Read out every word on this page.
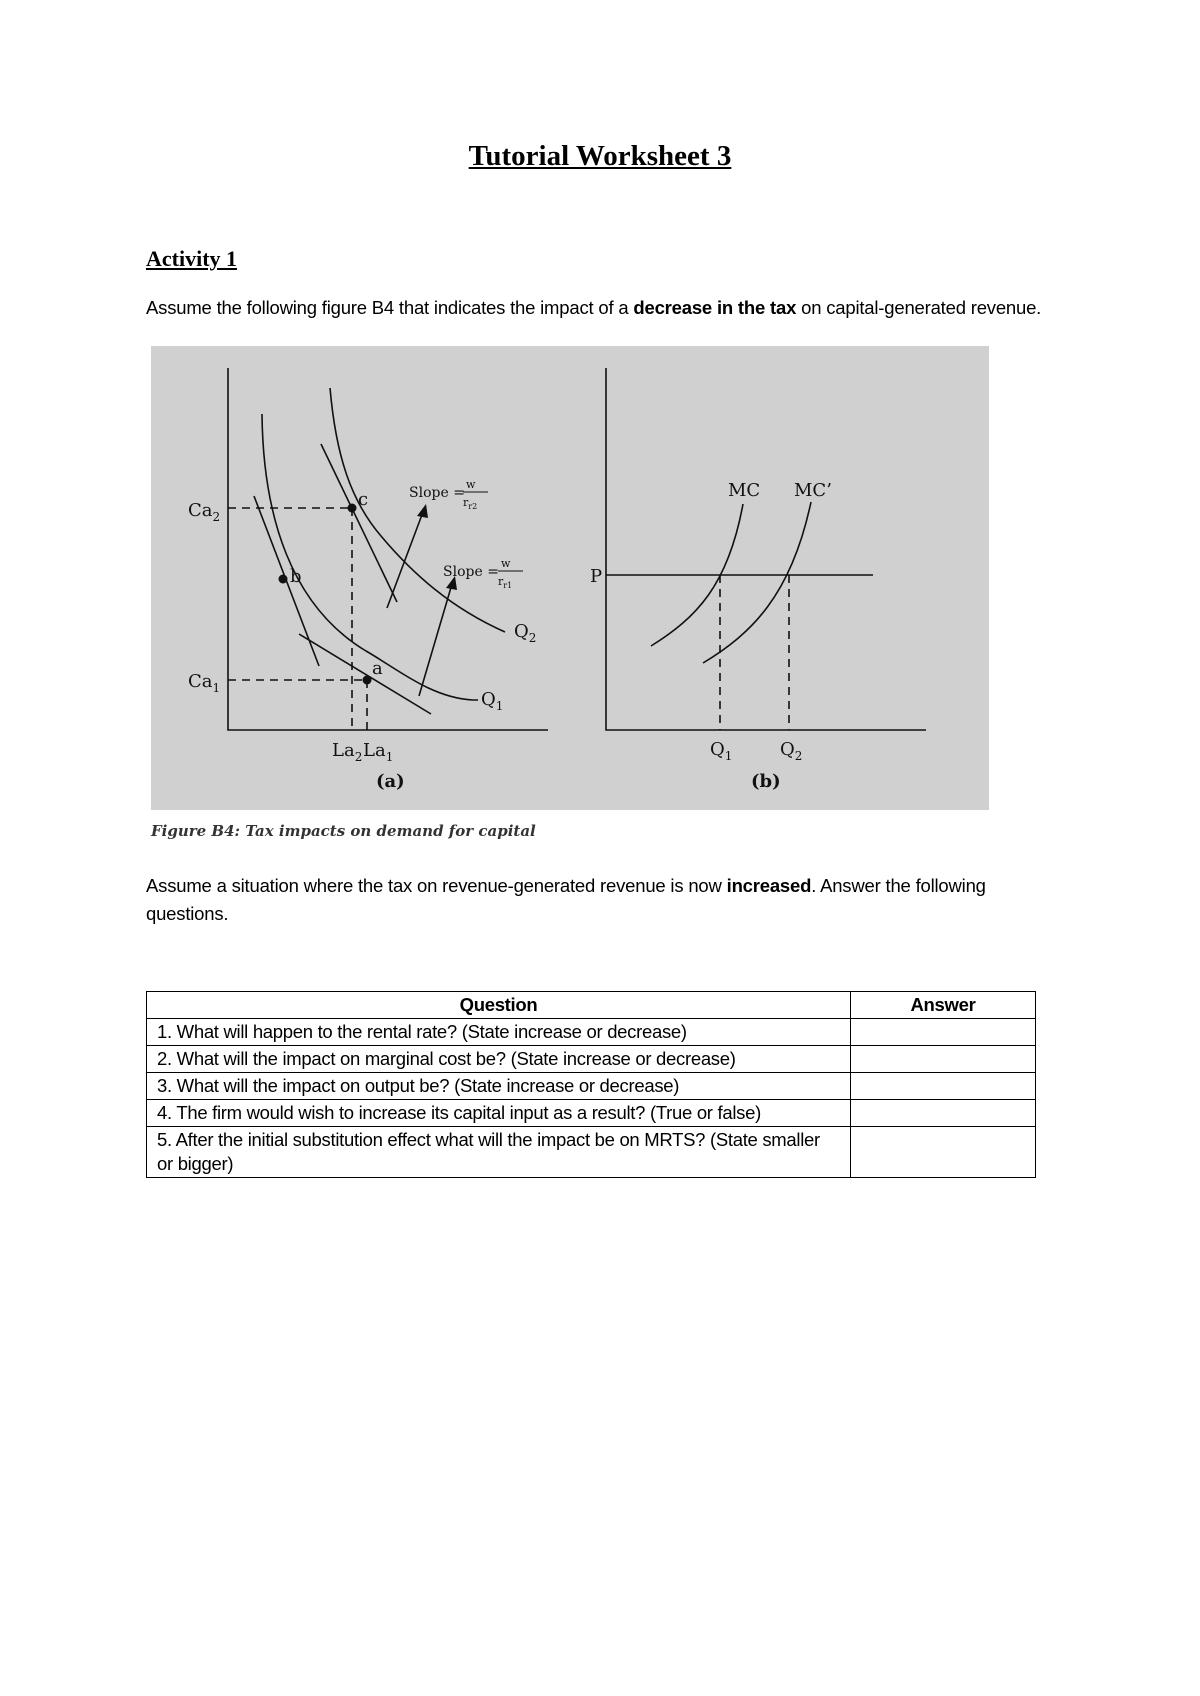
Tutorial Worksheet 3
Activity 1

Assume the following figure B4 that indicates the impact of a decrease in the tax on capital-generated revenue.

$Ca_2$
$Ca_1$
$La_2$ $La_1$
c
b
a
$Q_1$
$Q_2$
(a)
Slope =
w
$r_{r2}$
Slope =
w
$r_{r1}$	P
MC MC’
$Q_1$	$Q_2$
(b)
Figure B4: Tax impacts on demand for capital

Assume a situation where the tax on revenue-generated revenue is now increased. Answer the following questions.

Question	Answer
1. What will happen to the rental rate? (State increase or decrease)	
2. What will the impact on marginal cost be? (State increase or decrease)	
3. What will the impact on output be? (State increase or decrease)	
4. The firm would wish to increase its capital input as a result? (True or false)	
5. After the initial substitution effect what will the impact be on MRTS? (State smaller or bigger)	
